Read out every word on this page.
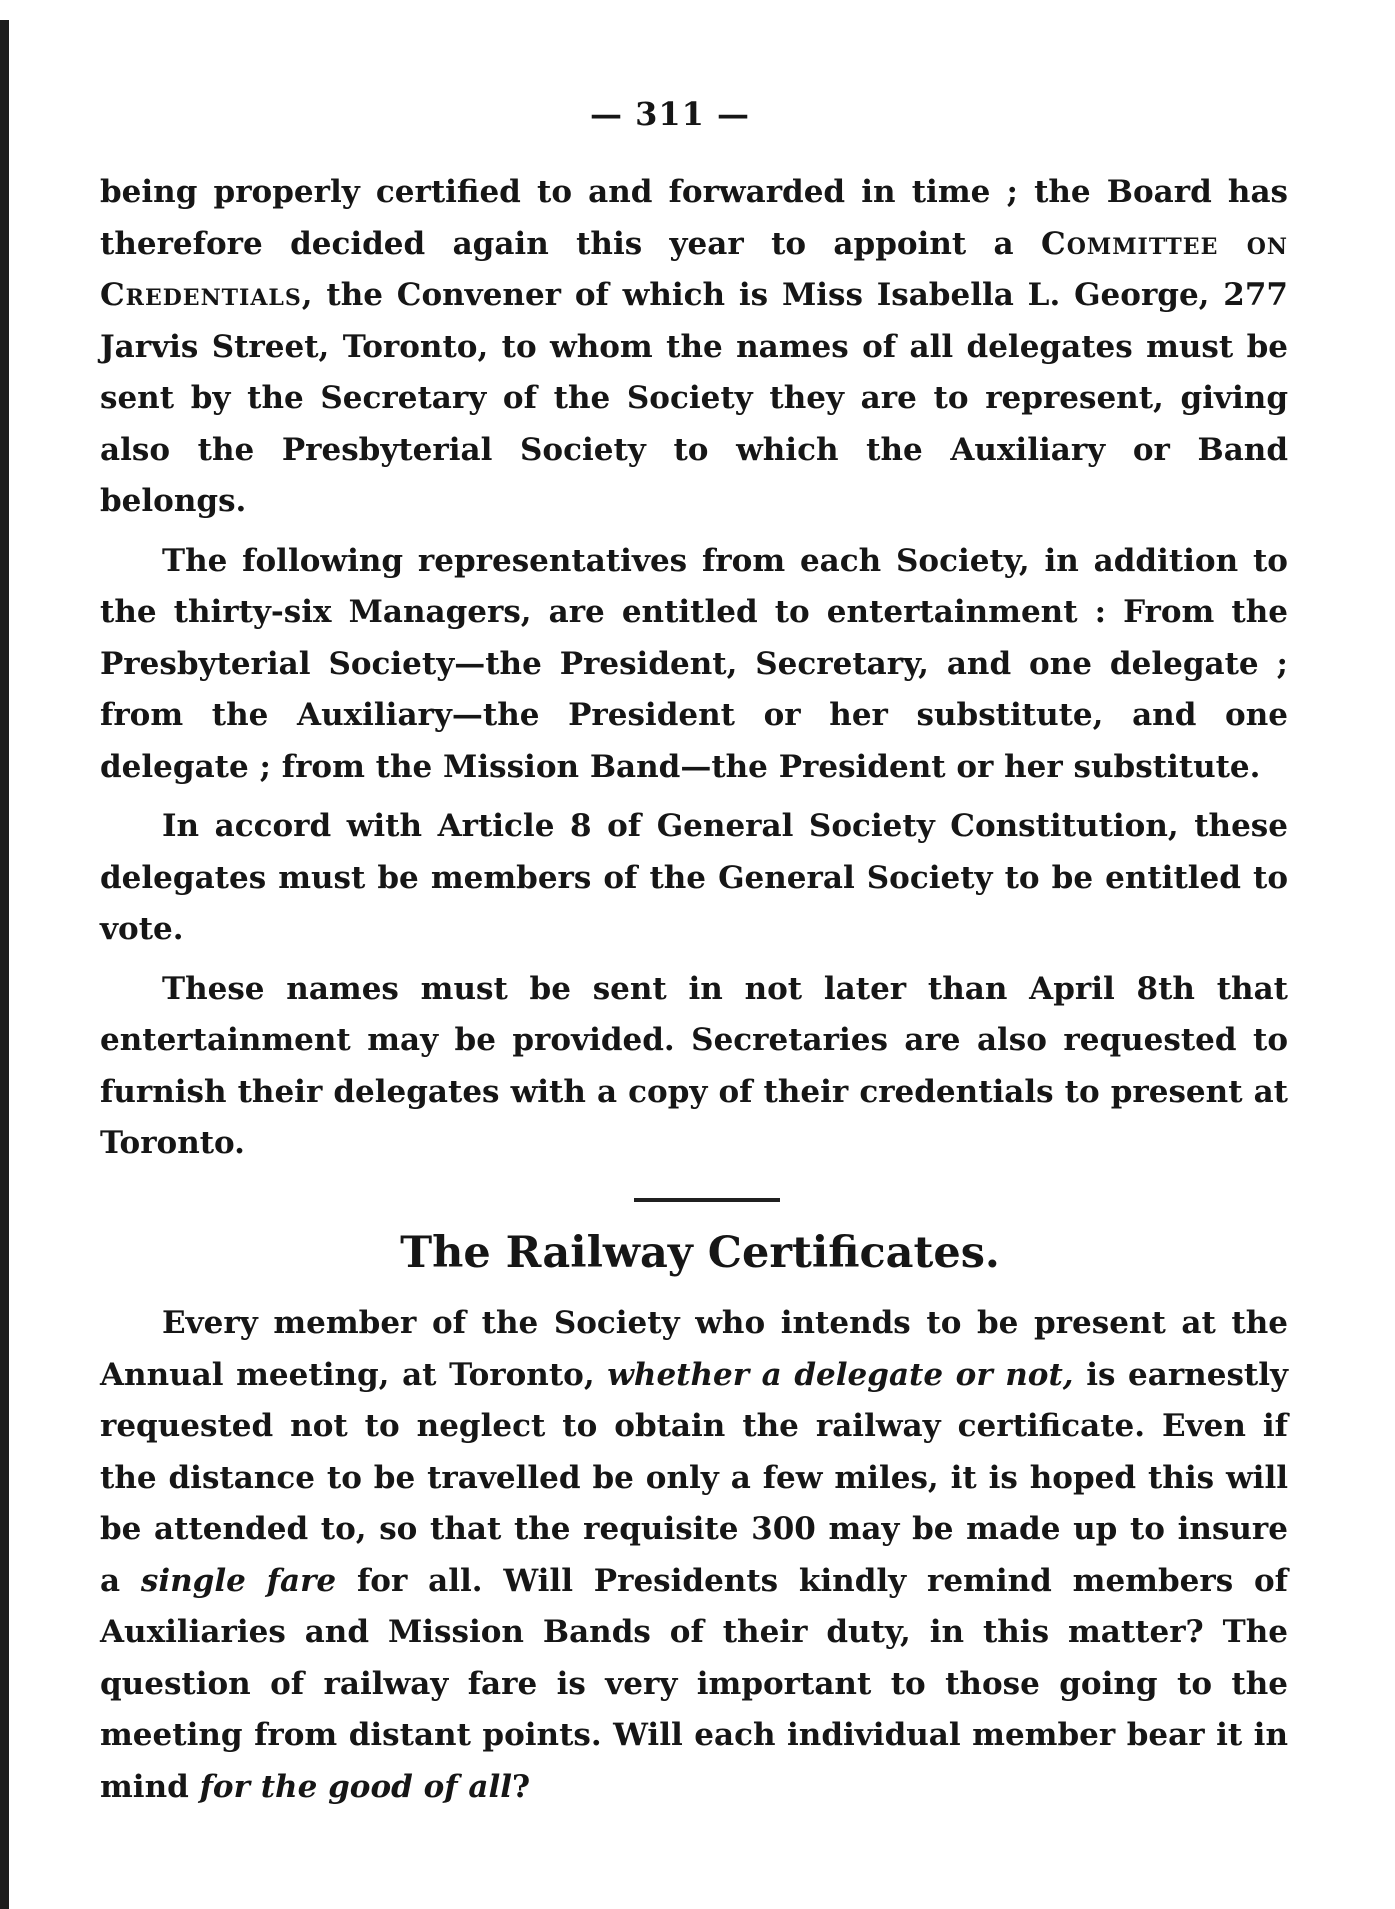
— 311 —

being properly certified to and forwarded in time ; the Board has therefore decided again this year to appoint a Committee on Credentials, the Convener of which is Miss Isabella L. George, 277 Jarvis Street, Toronto, to whom the names of all delegates must be sent by the Secretary of the Society they are to represent, giving also the Presbyterial Society to which the Auxiliary or Band belongs.

The following representatives from each Society, in addition to the thirty-six Managers, are entitled to entertainment : From the Presbyterial Society—the President, Secretary, and one delegate ; from the Auxiliary—the President or her substitute, and one delegate ; from the Mission Band—the President or her substitute.

In accord with Article 8 of General Society Constitution, these delegates must be members of the General Society to be entitled to vote.

These names must be sent in not later than April 8th that entertainment may be provided. Secretaries are also requested to furnish their delegates with a copy of their credentials to present at Toronto.

The Railway Certificates.

Every member of the Society who intends to be present at the Annual meeting, at Toronto, whether a delegate or not, is earnestly requested not to neglect to obtain the railway certificate. Even if the distance to be travelled be only a few miles, it is hoped this will be attended to, so that the requisite 300 may be made up to insure a single fare for all. Will Presidents kindly remind members of Auxiliaries and Mission Bands of their duty, in this matter? The question of railway fare is very important to those going to the meeting from distant points. Will each individual member bear it in mind for the good of all?
